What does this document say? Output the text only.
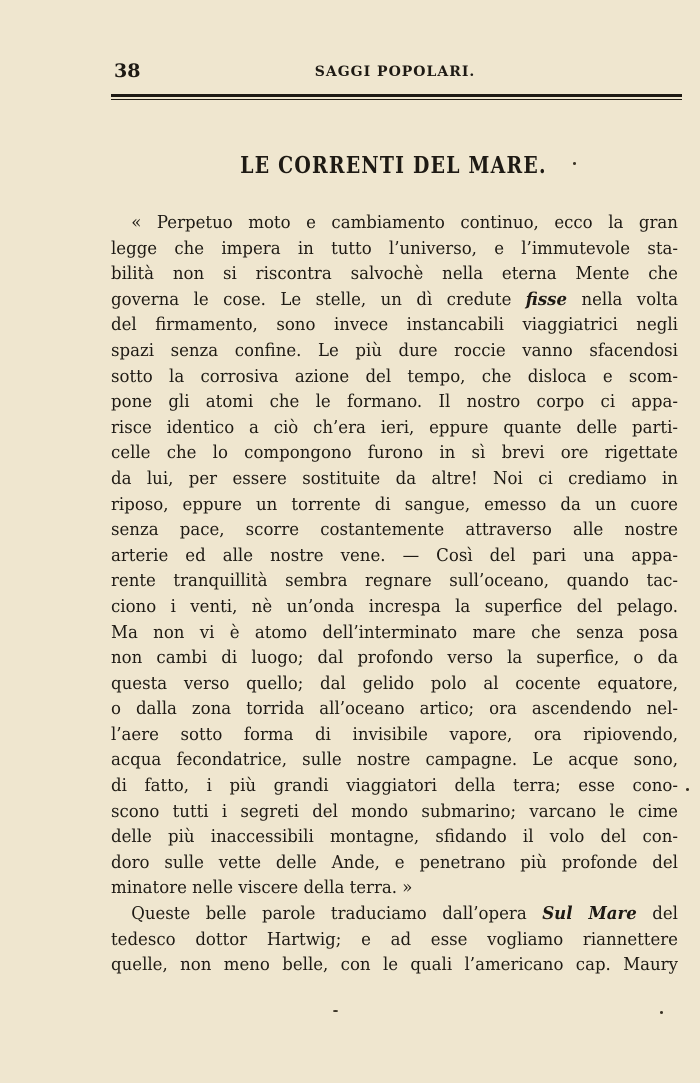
38	SAGGI POPOLARI.
LE CORRENTI DEL MARE.
« Perpetuo moto e cambiamento continuo, ecco la gran
legge che impera in tutto l’universo, e l’immutevole sta-
bilità non si riscontra salvochè nella eterna Mente che
governa le cose. Le stelle, un dì credute fisse nella volta
del firmamento, sono invece instancabili viaggiatrici negli
spazi senza confine. Le più dure roccie vanno sfacendosi
sotto la corrosiva azione del tempo, che disloca e scom-
pone gli atomi che le formano. Il nostro corpo ci appa-
risce identico a ciò ch’era ieri, eppure quante delle parti-
celle che lo compongono furono in sì brevi ore rigettate
da lui, per essere sostituite da altre! Noi ci crediamo in
riposo, eppure un torrente di sangue, emesso da un cuore
senza pace, scorre costantemente attraverso alle nostre
arterie ed alle nostre vene. — Così del pari una appa-
rente tranquillità sembra regnare sull’oceano, quando tac-
ciono i venti, nè un’onda increspa la superfice del pelago.
Ma non vi è atomo dell’interminato mare che senza posa
non cambi di luogo; dal profondo verso la superfice, o da
questa verso quello; dal gelido polo al cocente equatore,
o dalla zona torrida all’oceano artico; ora ascendendo nel-
l’aere sotto forma di invisibile vapore, ora ripiovendo,
acqua fecondatrice, sulle nostre campagne. Le acque sono,
di fatto, i più grandi viaggiatori della terra; esse cono-
scono tutti i segreti del mondo submarino; varcano le cime
delle più inaccessibili montagne, sfidando il volo del con-
doro sulle vette delle Ande, e penetrano più profonde del
minatore nelle viscere della terra. »
Queste belle parole traduciamo dall’opera Sul Mare del
tedesco dottor Hartwig; e ad esse vogliamo riannettere
quelle, non meno belle, con le quali l’americano cap. Maury
